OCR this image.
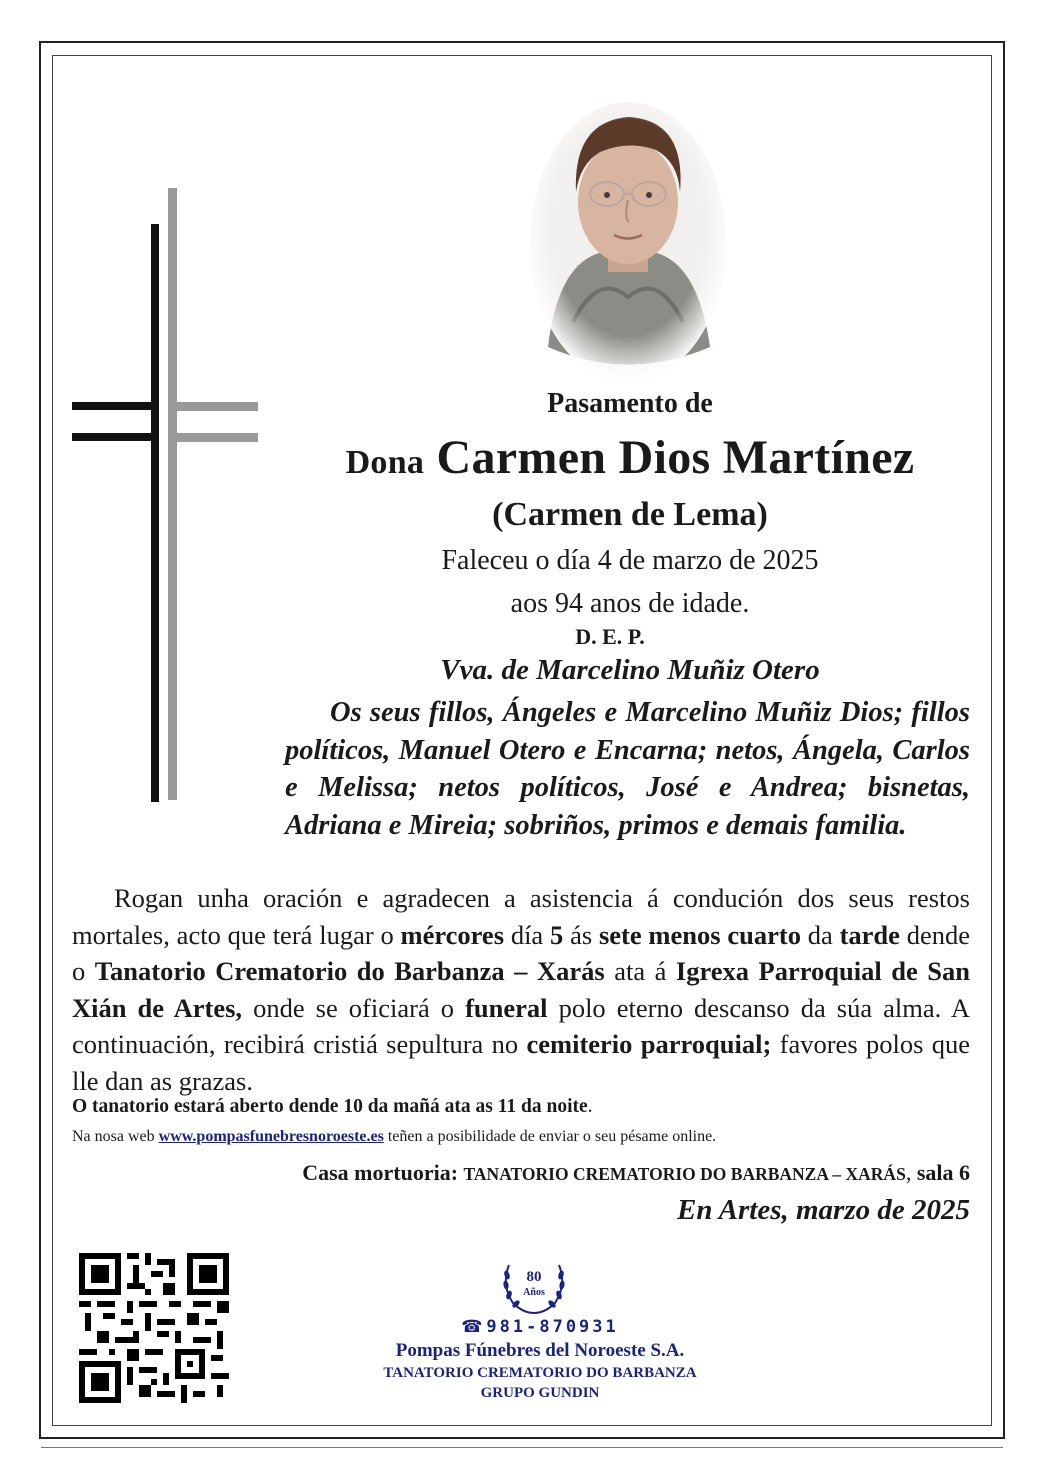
Pasamento de
Dona Carmen Dios Martínez
(Carmen de Lema)
Faleceu o día 4 de marzo de 2025
aos 94 anos de idade.
D. E. P.
Vva. de Marcelino Muñiz Otero
Os seus fillos, Ángeles e Marcelino Muñiz Dios; fillos políticos, Manuel Otero e Encarna; netos, Ángela, Carlos e Melissa; netos políticos, José e Andrea; bisnetas, Adriana e Mireia; sobriños, primos e demais familia.
Rogan unha oración e agradecen a asistencia á condución dos seus restos mortales, acto que terá lugar o mércores día 5 ás sete menos cuarto da tarde dende o Tanatorio Crematorio do Barbanza – Xarás ata á Igrexa Parroquial de San Xián de Artes, onde se oficiará o funeral polo eterno descanso da súa alma. A continuación, recibirá cristiá sepultura no cemiterio parroquial; favores polos que lle dan as grazas.
O tanatorio estará aberto dende 10 da mañá ata as 11 da noite.
Na nosa web www.pompasfunebresnoroeste.es teñen a posibilidade de enviar o seu pésame online.
Casa mortuoria: TANATORIO CREMATORIO DO BARBANZA – XARÁS, sala 6
En Artes, marzo de 2025
80
Años
☎ 981-870931
Pompas Fúnebres del Noroeste S.A.
TANATORIO CREMATORIO DO BARBANZA
GRUPO GUNDIN
